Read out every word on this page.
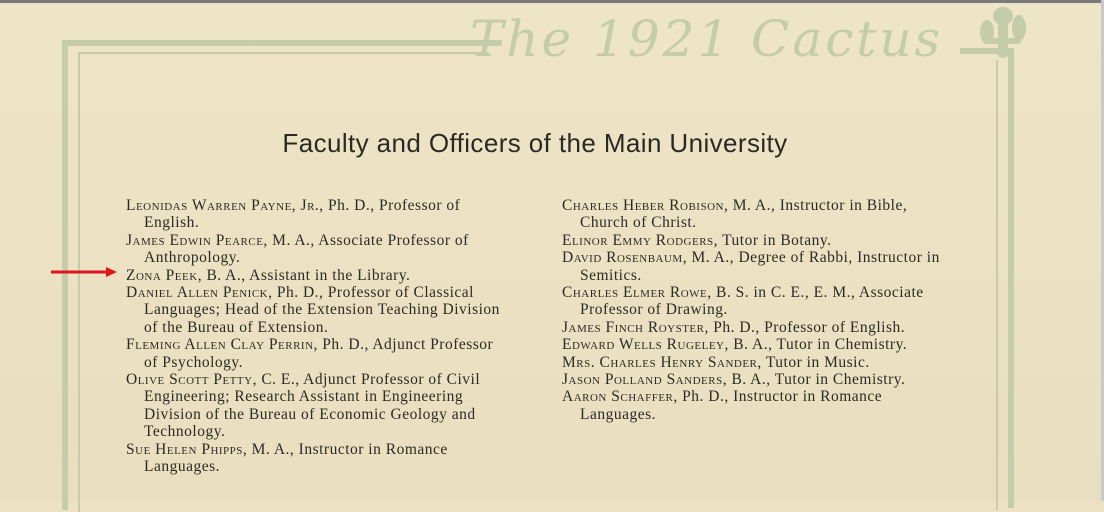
The 1921 Cactus
Faculty and Officers of the Main University

Leonidas Warren Payne, Jr., Ph. D., Professor of English.

James Edwin Pearce, M. A., Associate Professor of Anthropology.

Zona Peek, B. A., Assistant in the Library.

Daniel Allen Penick, Ph. D., Professor of Classical Languages; Head of the Extension Teaching Division of the Bureau of Extension.

Fleming Allen Clay Perrin, Ph. D., Adjunct Professor of Psychology.

Olive Scott Petty, C. E., Adjunct Professor of Civil Engineering; Research Assistant in Engineering Division of the Bureau of Economic Geology and Technology.

Sue Helen Phipps, M. A., Instructor in Romance Languages.

Charles Heber Robison, M. A., Instructor in Bible, Church of Christ.

Elinor Emmy Rodgers, Tutor in Botany.

David Rosenbaum, M. A., Degree of Rabbi, Instructor in Semitics.

Charles Elmer Rowe, B. S. in C. E., E. M., Associate Professor of Drawing.

James Finch Royster, Ph. D., Professor of English.

Edward Wells Rugeley, B. A., Tutor in Chemistry.

Mrs. Charles Henry Sander, Tutor in Music.

Jason Polland Sanders, B. A., Tutor in Chemistry.

Aaron Schaffer, Ph. D., Instructor in Romance Languages.
